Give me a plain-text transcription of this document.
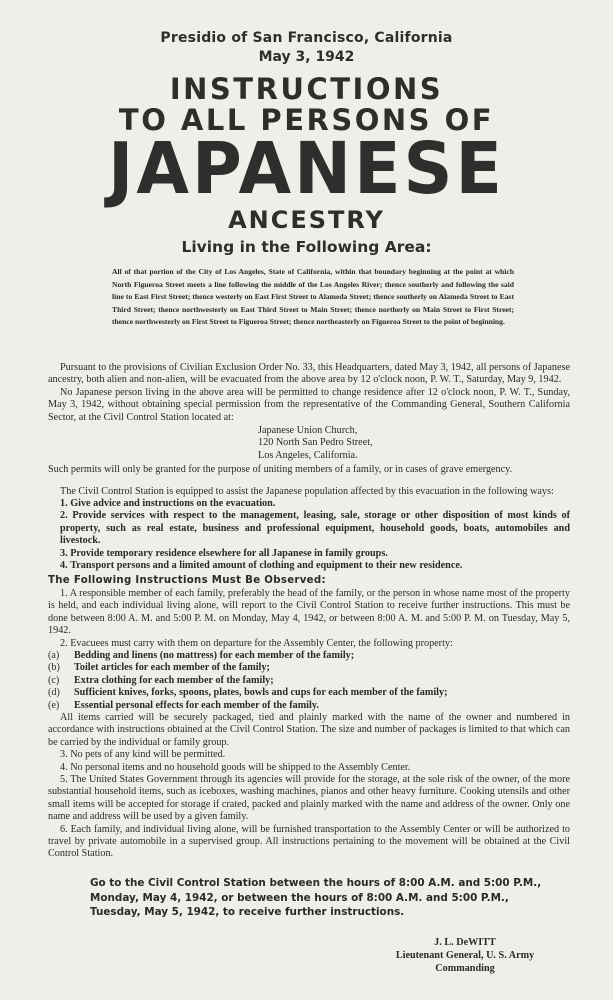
Presidio of San Francisco, California
May 3, 1942
INSTRUCTIONS
TO ALL PERSONS OF
JAPANESE
ANCESTRY
Living in the Following Area:
All of that portion of the City of Los Angeles, State of California, within that boundary beginning at the point at which North Figueroa Street meets a line following the middle of the Los Angeles River; thence southerly and following the said line to East First Street; thence westerly on East First Street to Alameda Street; thence southerly on Alameda Street to East Third Street; thence northwesterly on East Third Street to Main Street; thence northerly on Main Street to First Street; thence northwesterly on First Street to Figueroa Street; thence northeasterly on Figueroa Street to the point of beginning.

Pursuant to the provisions of Civilian Exclusion Order No. 33, this Headquarters, dated May 3, 1942, all persons of Japanese ancestry, both alien and non-alien, will be evacuated from the above area by 12 o'clock noon, P. W. T., Saturday, May 9, 1942.

No Japanese person living in the above area will be permitted to change residence after 12 o'clock noon, P. W. T., Sunday, May 3, 1942, without obtaining special permission from the representative of the Commanding General, Southern California Sector, at the Civil Control Station located at:

Japanese Union Church,
120 North San Pedro Street,
Los Angeles, California.

Such permits will only be granted for the purpose of uniting members of a family, or in cases of grave emergency.

The Civil Control Station is equipped to assist the Japanese population affected by this evacuation in the following ways:

1. Give advice and instructions on the evacuation.

2. Provide services with respect to the management, leasing, sale, storage or other disposition of most kinds of property, such as real estate, business and professional equipment, household goods, boats, automobiles and livestock.

3. Provide temporary residence elsewhere for all Japanese in family groups.

4. Transport persons and a limited amount of clothing and equipment to their new residence.

The Following Instructions Must Be Observed:

1. A responsible member of each family, preferably the head of the family, or the person in whose name most of the property is held, and each individual living alone, will report to the Civil Control Station to receive further instructions. This must be done between 8:00 A. M. and 5:00 P. M. on Monday, May 4, 1942, or between 8:00 A. M. and 5:00 P. M. on Tuesday, May 5, 1942.

2. Evacuees must carry with them on departure for the Assembly Center, the following property:

(a) Bedding and linens (no mattress) for each member of the family;

(b) Toilet articles for each member of the family;

(c) Extra clothing for each member of the family;

(d) Sufficient knives, forks, spoons, plates, bowls and cups for each member of the family;

(e) Essential personal effects for each member of the family.

All items carried will be securely packaged, tied and plainly marked with the name of the owner and numbered in accordance with instructions obtained at the Civil Control Station. The size and number of packages is limited to that which can be carried by the individual or family group.

3. No pets of any kind will be permitted.

4. No personal items and no household goods will be shipped to the Assembly Center.

5. The United States Government through its agencies will provide for the storage, at the sole risk of the owner, of the more substantial household items, such as iceboxes, washing machines, pianos and other heavy furniture. Cooking utensils and other small items will be accepted for storage if crated, packed and plainly marked with the name and address of the owner. Only one name and address will be used by a given family.

6. Each family, and individual living alone, will be furnished transportation to the Assembly Center or will be authorized to travel by private automobile in a supervised group. All instructions pertaining to the movement will be obtained at the Civil Control Station.

Go to the Civil Control Station between the hours of 8:00 A.M. and 5:00 P.M., Monday, May 4, 1942, or between the hours of 8:00 A.M. and 5:00 P.M., Tuesday, May 5, 1942, to receive further instructions.
J. L. DeWITT
Lieutenant General, U. S. Army
Commanding
